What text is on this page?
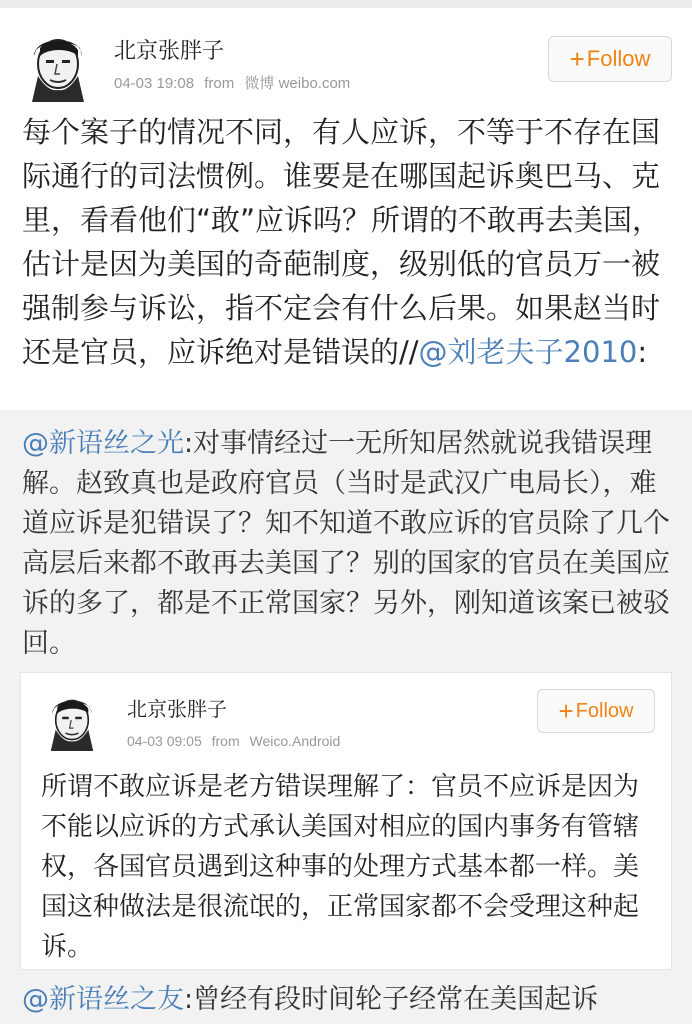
北京张胖子
04-03 19:08 from 微博 weibo.com
+ Follow
每个案子的情况不同，有人应诉，不等于不存在国际通行的司法惯例。谁要是在哪国起诉奥巴马、克里，看看他们“敢”应诉吗？所谓的不敢再去美国，估计是因为美国的奇葩制度，级别低的官员万一被强制参与诉讼，指不定会有什么后果。如果赵当时还是官员，应诉绝对是错误的//@刘老夫子2010:
@新语丝之光:对事情经过一无所知居然就说我错误理解。赵致真也是政府官员（当时是武汉广电局长），难道应诉是犯错误了？知不知道不敢应诉的官员除了几个高层后来都不敢再去美国了？别的国家的官员在美国应诉的多了，都是不正常国家？另外，刚知道该案已被驳回。
北京张胖子
04-03 09:05 from Weico.Android
+ Follow
所谓不敢应诉是老方错误理解了：官员不应诉是因为不能以应诉的方式承认美国对相应的国内事务有管辖权，各国官员遇到这种事的处理方式基本都一样。美国这种做法是很流氓的，正常国家都不会受理这种起诉。
@新语丝之友:曾经有段时间轮子经常在美国起诉
